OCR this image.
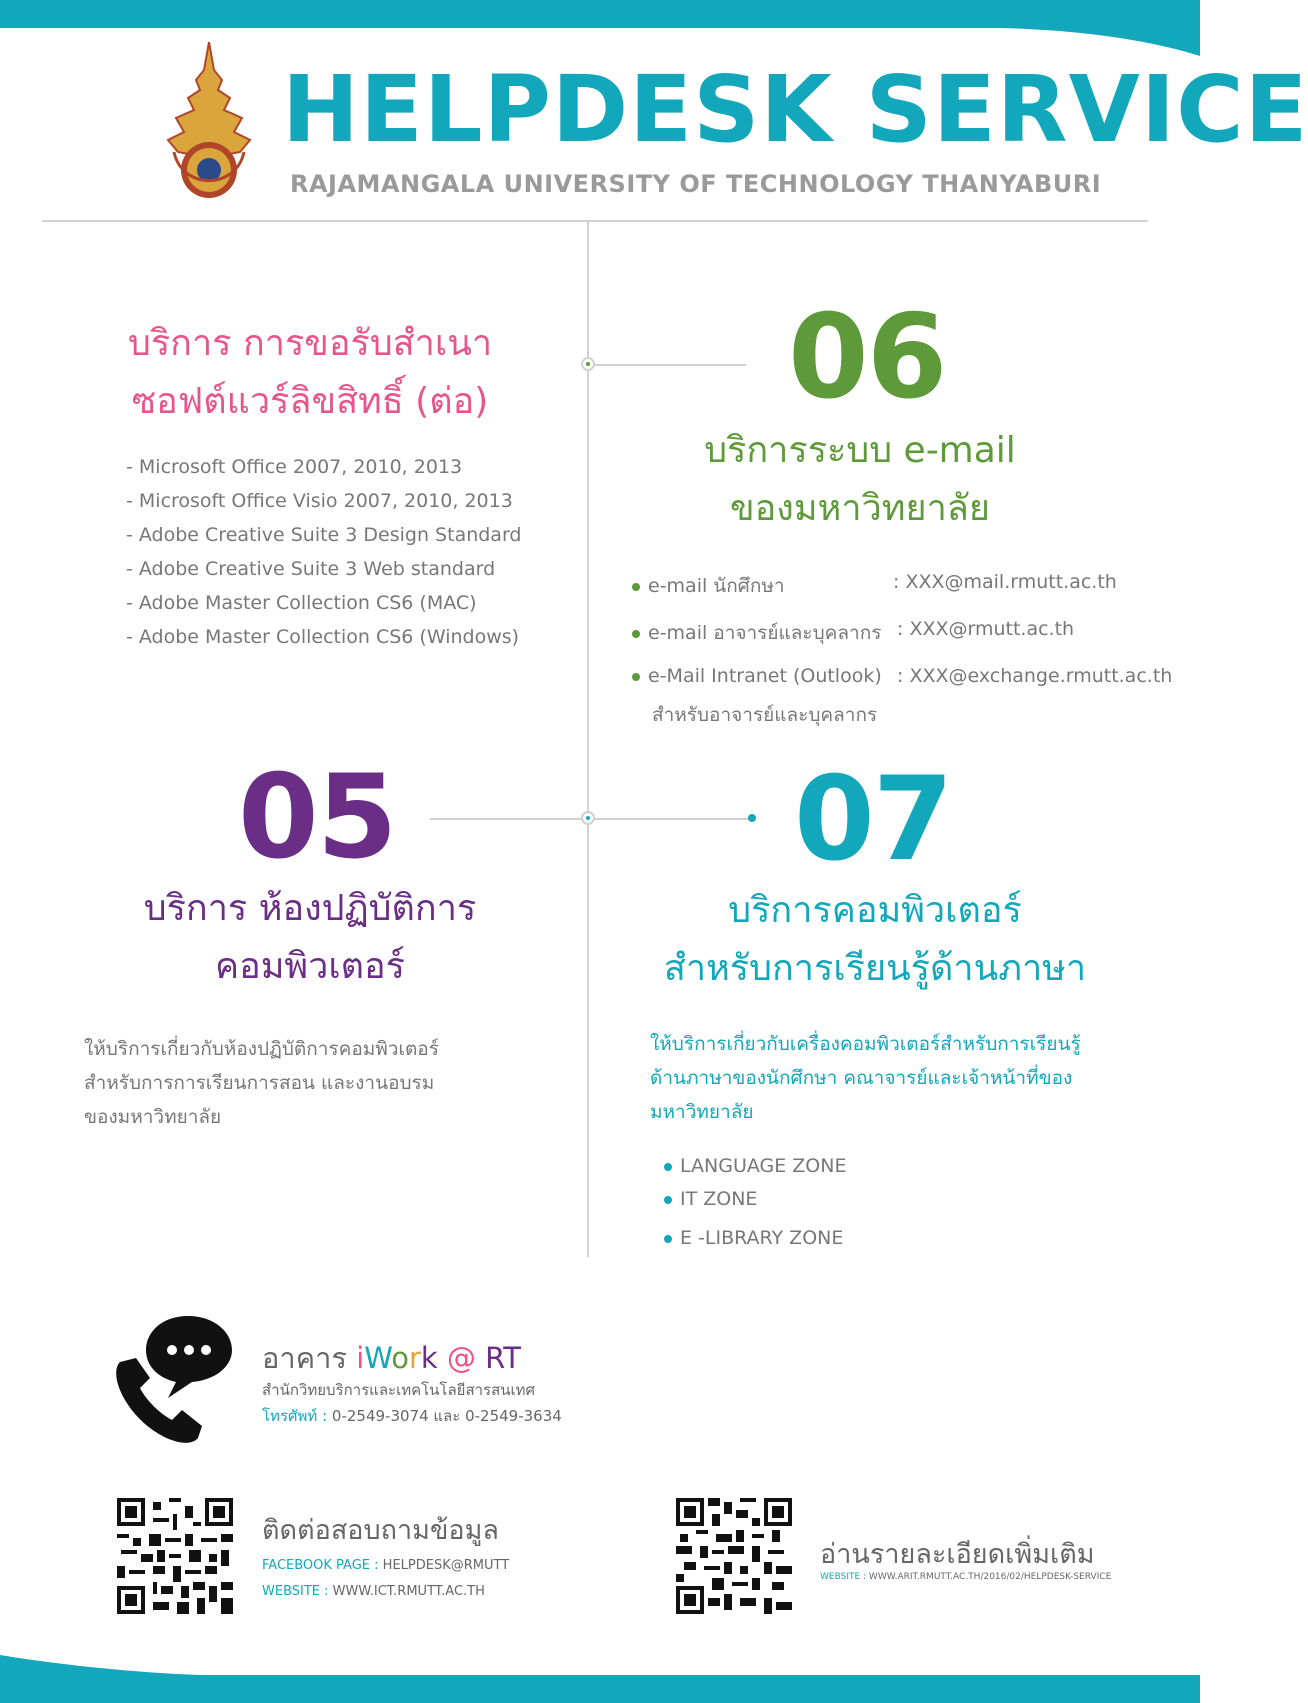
HELPDESK SERVICE
RAJAMANGALA UNIVERSITY OF TECHNOLOGY THANYABURI
บริการ การขอรับสำเนา
ซอฟต์แวร์ลิขสิทธิ์ (ต่อ)
- Microsoft Office 2007, 2010, 2013
- Microsoft Office Visio 2007, 2010, 2013
- Adobe Creative Suite 3 Design Standard
- Adobe Creative Suite 3 Web standard
- Adobe Master Collection CS6 (MAC)
- Adobe Master Collection CS6 (Windows)
06
บริการระบบ e-mail
ของมหาวิทยาลัย
e-mail นักศึกษา	: XXX@mail.rmutt.ac.th
e-mail อาจารย์และบุคลากร : XXX@rmutt.ac.th
e-Mail Intranet (Outlook) : XXX@exchange.rmutt.ac.th
สำหรับอาจารย์และบุคลากร
05
บริการ ห้องปฏิบัติการ
คอมพิวเตอร์
ให้บริการเกี่ยวกับห้องปฏิบัติการคอมพิวเตอร์
สำหรับการการเรียนการสอน และงานอบรม
ของมหาวิทยาลัย
07
บริการคอมพิวเตอร์
สำหรับการเรียนรู้ด้านภาษา
ให้บริการเกี่ยวกับเครื่องคอมพิวเตอร์สำหรับการเรียนรู้
ด้านภาษาของนักศึกษา คณาจารย์และเจ้าหน้าที่ของ
มหาวิทยาลัย
LANGUAGE ZONE
IT ZONE
E -LIBRARY ZONE
อาคาร iWork @ RT
สำนักวิทยบริการและเทคโนโลยีสารสนเทศ
โทรศัพท์ : 0-2549-3074 และ 0-2549-3634
ติดต่อสอบถามข้อมูล
FACEBOOK PAGE : HELPDESK@RMUTT
WEBSITE : WWW.ICT.RMUTT.AC.TH
อ่านรายละเอียดเพิ่มเติม
WEBSITE : WWW.ARIT.RMUTT.AC.TH/2016/02/HELPDESK-SERVICE
